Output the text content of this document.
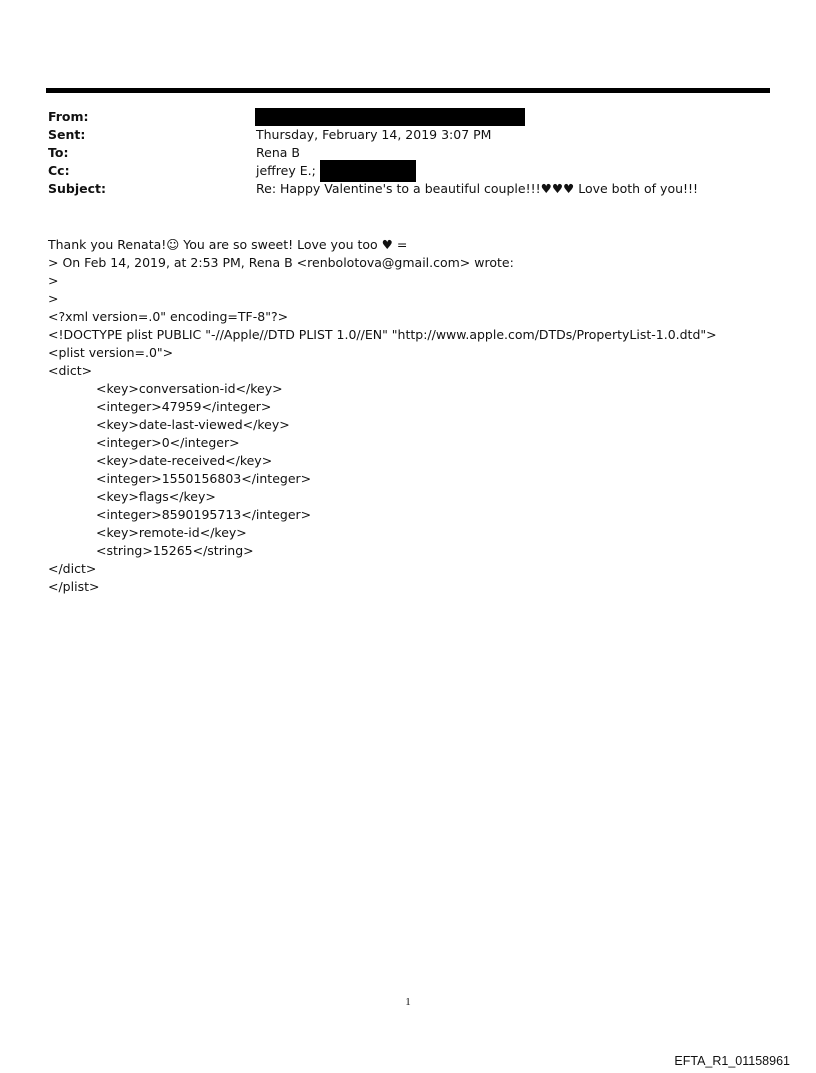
From:
Sent:	Thursday, February 14, 2019 3:07 PM
To:	Rena B
Cc:	jeffrey E.;
Subject:	Re: Happy Valentine's to a beautiful couple!!!♥♥♥ Love both of you!!!
Thank you Renata!☺ You are so sweet! Love you too ♥ =
> On Feb 14, 2019, at 2:53 PM, Rena B <renbolotova@gmail.com> wrote:
>
>
<?xml version=.0" encoding=TF-8"?>
<!DOCTYPE plist PUBLIC "-//Apple//DTD PLIST 1.0//EN" "http://www.apple.com/DTDs/PropertyList-1.0.dtd">
<plist version=.0">
<dict>
<key>conversation-id</key>
<integer>47959</integer>
<key>date-last-viewed</key>
<integer>0</integer>
<key>date-received</key>
<integer>1550156803</integer>
<key>flags</key>
<integer>8590195713</integer>
<key>remote-id</key>
<string>15265</string>
</dict>
</plist>
1
EFTA_R1_01158961
